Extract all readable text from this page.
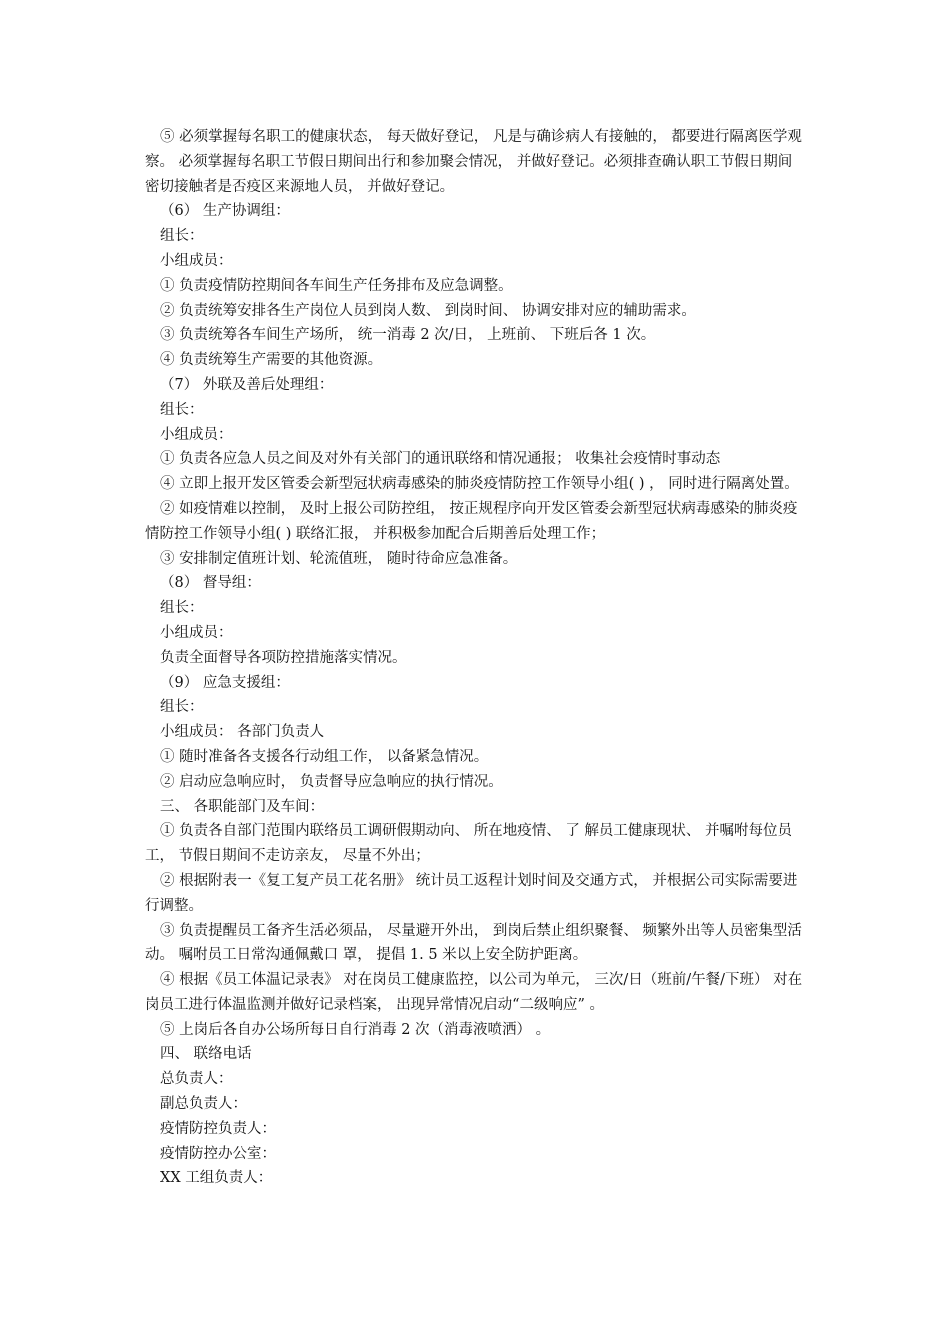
⑤ 必须掌握每名职工的健康状态， 每天做好登记， 凡是与确诊病人有接触的， 都要进行隔离医学观察。 必须掌握每名职工节假日期间出行和参加聚会情况， 并做好登记。必须排查确认职工节假日期间密切接触者是否疫区来源地人员， 并做好登记。

（6） 生产协调组：

组长：

小组成员：

① 负责疫情防控期间各车间生产任务排布及应急调整。

② 负责统筹安排各生产岗位人员到岗人数、 到岗时间、 协调安排对应的辅助需求。

③ 负责统筹各车间生产场所， 统一消毒 2 次/日， 上班前、 下班后各 1 次。

④ 负责统筹生产需要的其他资源。

（7） 外联及善后处理组：

组长：

小组成员：

① 负责各应急人员之间及对外有关部门的通讯联络和情况通报； 收集社会疫情时事动态

④ 立即上报开发区管委会新型冠状病毒感染的肺炎疫情防控工作领导小组( ) ， 同时进行隔离处置。

② 如疫情难以控制， 及时上报公司防控组， 按正规程序向开发区管委会新型冠状病毒感染的肺炎疫情防控工作领导小组( ) 联络汇报， 并积极参加配合后期善后处理工作；

③ 安排制定值班计划、轮流值班， 随时待命应急准备。

（8） 督导组：

组长：

小组成员：

负责全面督导各项防控措施落实情况。

（9） 应急支援组：

组长：

小组成员： 各部门负责人

① 随时准备各支援各行动组工作， 以备紧急情况。

② 启动应急响应时， 负责督导应急响应的执行情况。

三、 各职能部门及车间：

① 负责各自部门范围内联络员工调研假期动向、 所在地疫情、 了 解员工健康现状、 并嘱咐每位员工， 节假日期间不走访亲友， 尽量不外出；

② 根据附表一《复工复产员工花名册》 统计员工返程计划时间及交通方式， 并根据公司实际需要进行调整。

③ 负责提醒员工备齐生活必须品， 尽量避开外出， 到岗后禁止组织聚餐、 频繁外出等人员密集型活动。 嘱咐员工日常沟通佩戴口 罩， 提倡 1. 5 米以上安全防护距离。

④ 根据《员工体温记录表》 对在岗员工健康监控，以公司为单元， 三次/日（班前/午餐/下班） 对在岗员工进行体温监测并做好记录档案， 出现异常情况启动“二级响应” 。

⑤ 上岗后各自办公场所每日自行消毒 2 次（消毒液喷洒） 。

四、 联络电话

总负责人：

副总负责人：

疫情防控负责人：

疫情防控办公室：

XX 工组负责人：
